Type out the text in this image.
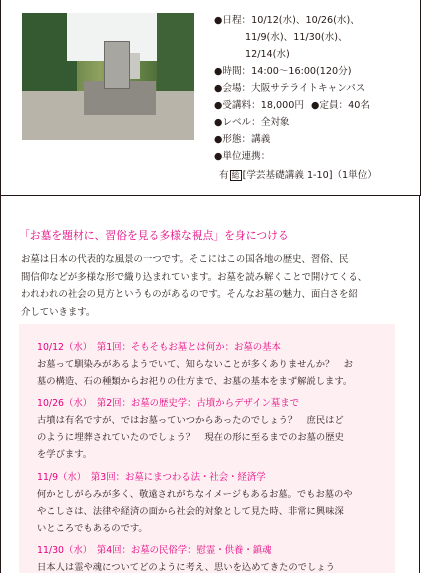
●日程：10/12(水)、10/26(水)、
11/9(水)、11/30(水)、
12/14(水)
●時間：14:00～16:00(120分)
●会場：大阪サテライトキャンパス
●受講料：18,000円 ●定員：40名
●レベル：全対象
●形態：講義
●単位連携：
有 総 [学芸基礎講義 1-10]（1単位）
「お墓を題材に、習俗を見る多様な視点」を身につける

お墓は日本の代表的な風景の一つです。そこにはこの国各地の歴史、習俗、民

間信仰などが多様な形で織り込まれています。お墓を読み解くことで開けてくる、

われわれの社会の見方というものがあるのです。そんなお墓の魅力、面白さを紹

介していきます。

10/12（水）　第1回：そもそもお墓とは何か：お墓の基本

お墓って馴染みがあるようでいて、知らないことが多くありませんか？　お

墓の構造、石の種類からお祀りの仕方まで、お墓の基本をまず解説します。

10/26（水）　第2回：お墓の歴史学：古墳からデザイン墓まで

古墳は有名ですが、ではお墓っていつからあったのでしょう？　庶民はど

のように埋葬されていたのでしょう？　現在の形に至るまでのお墓の歴史

を学びます。

11/9（水）　第3回：お墓にまつわる法・社会・経済学

何かとしがらみが多く、敬遠されがちなイメージもあるお墓。でもお墓のや

やこしさは、法律や経済の面から社会的対象として見た時、非常に興味深

いところでもあるのです。

11/30（水）　第4回：お墓の民俗学：慰霊・供養・鎮魂

日本人は霊や魂についてどのように考え、思いを込めてきたのでしょう
